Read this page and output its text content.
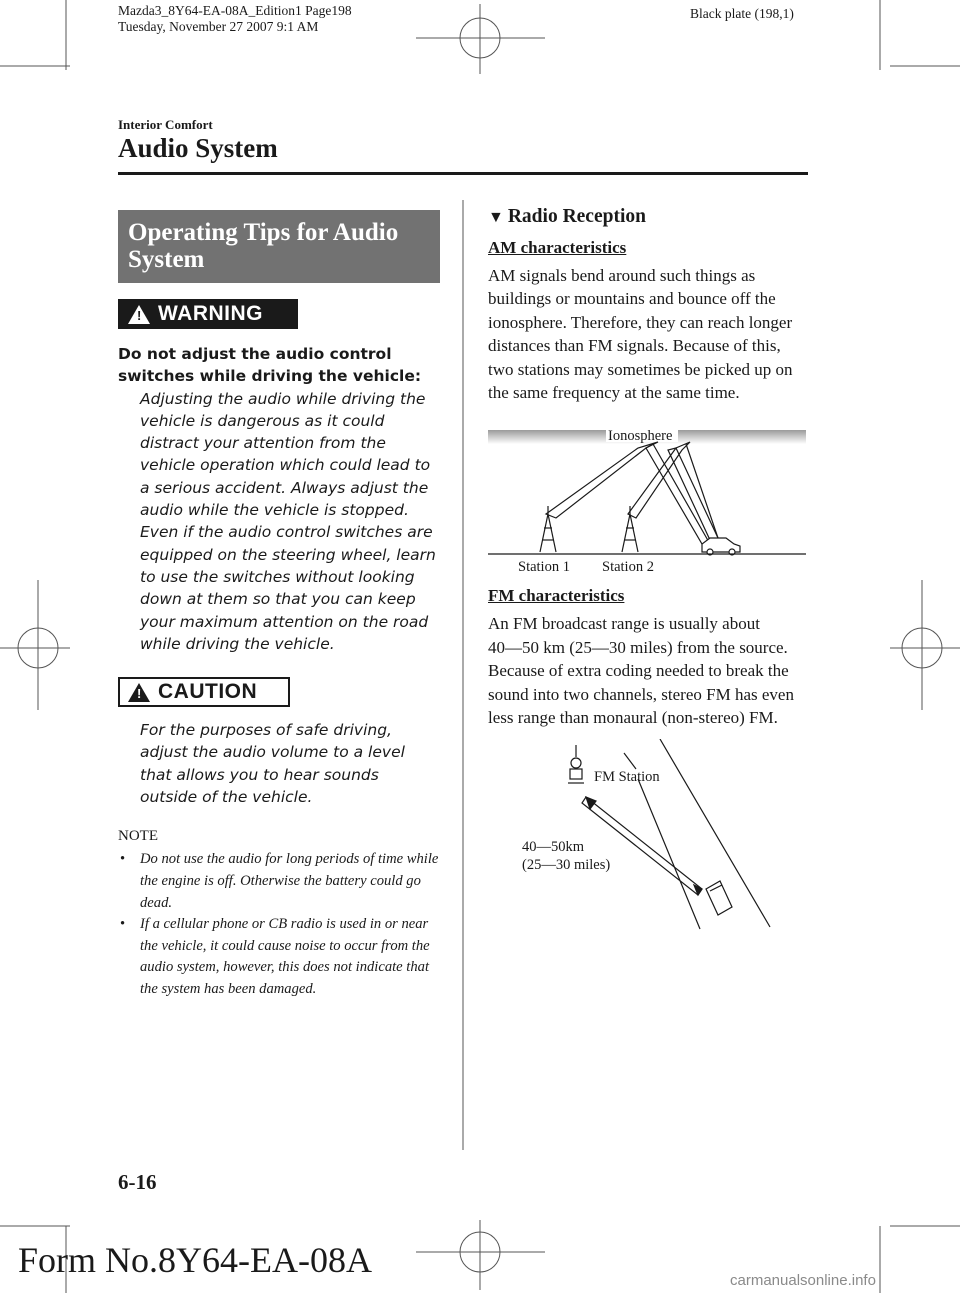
Mazda3_8Y64-EA-08A_Edition1 Page198
Tuesday, November 27 2007 9:1 AM
Black plate (198,1)
Interior Comfort
Audio System
Operating Tips for Audio
System
! WARNING

Do not adjust the audio control switches while driving the vehicle:

Adjusting the audio while driving the vehicle is dangerous as it could distract your attention from the vehicle operation which could lead to a serious accident. Always adjust the audio while the vehicle is stopped. Even if the audio control switches are equipped on the steering wheel, learn to use the switches without looking down at them so that you can keep your maximum attention on the road while driving the vehicle.

! CAUTION

For the purposes of safe driving, adjust the audio volume to a level that allows you to hear sounds outside of the vehicle.

NOTE
• Do not use the audio for long periods of time while the engine is off. Otherwise the battery could go dead.
• If a cellular phone or CB radio is used in or near the vehicle, it could cause noise to occur from the audio system, however, this does not indicate that the system has been damaged.
▼ Radio Reception
AM characteristics

AM signals bend around such things as buildings or mountains and bounce off the ionosphere. Therefore, they can reach longer distances than FM signals. Because of this, two stations may sometimes be picked up on the same frequency at the same time.

Ionosphere
Station 1 Station 2
FM characteristics

An FM broadcast range is usually about 40―50 km (25―30 miles) from the source. Because of extra coding needed to break the sound into two channels, stereo FM has even less range than monaural (non-stereo) FM.

FM Station
40―50km
(25―30 miles)
6-16
Form No.8Y64-EA-08A
carmanualsonline.info
